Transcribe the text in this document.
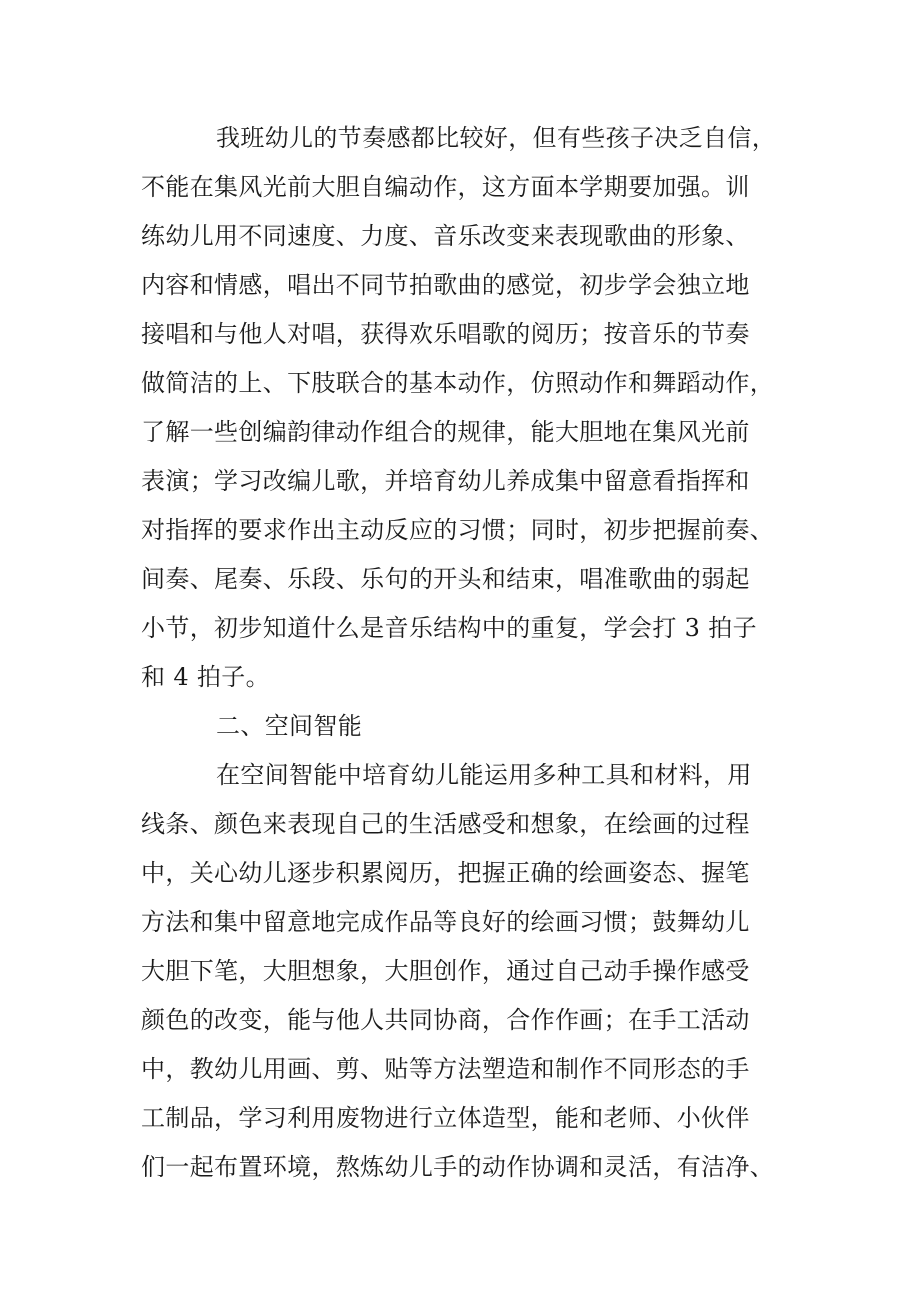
我班幼儿的节奏感都比较好，但有些孩子决乏自信，
不能在集风光前大胆自编动作，这方面本学期要加强。训
练幼儿用不同速度、力度、音乐改变来表现歌曲的形象、
内容和情感，唱出不同节拍歌曲的感觉，初步学会独立地
接唱和与他人对唱，获得欢乐唱歌的阅历；按音乐的节奏
做简洁的上、下肢联合的基本动作，仿照动作和舞蹈动作，
了解一些创编韵律动作组合的规律，能大胆地在集风光前
表演；学习改编儿歌，并培育幼儿养成集中留意看指挥和
对指挥的要求作出主动反应的习惯；同时，初步把握前奏、
间奏、尾奏、乐段、乐句的开头和结束，唱准歌曲的弱起
小节，初步知道什么是音乐结构中的重复，学会打 3 拍子
和 4 拍子。
二、空间智能
在空间智能中培育幼儿能运用多种工具和材料，用
线条、颜色来表现自己的生活感受和想象，在绘画的过程
中，关心幼儿逐步积累阅历，把握正确的绘画姿态、握笔
方法和集中留意地完成作品等良好的绘画习惯；鼓舞幼儿
大胆下笔，大胆想象，大胆创作，通过自己动手操作感受
颜色的改变，能与他人共同协商，合作作画；在手工活动
中，教幼儿用画、剪、贴等方法塑造和制作不同形态的手
工制品，学习利用废物进行立体造型，能和老师、小伙伴
们一起布置环境，熬炼幼儿手的动作协调和灵活，有洁净、
